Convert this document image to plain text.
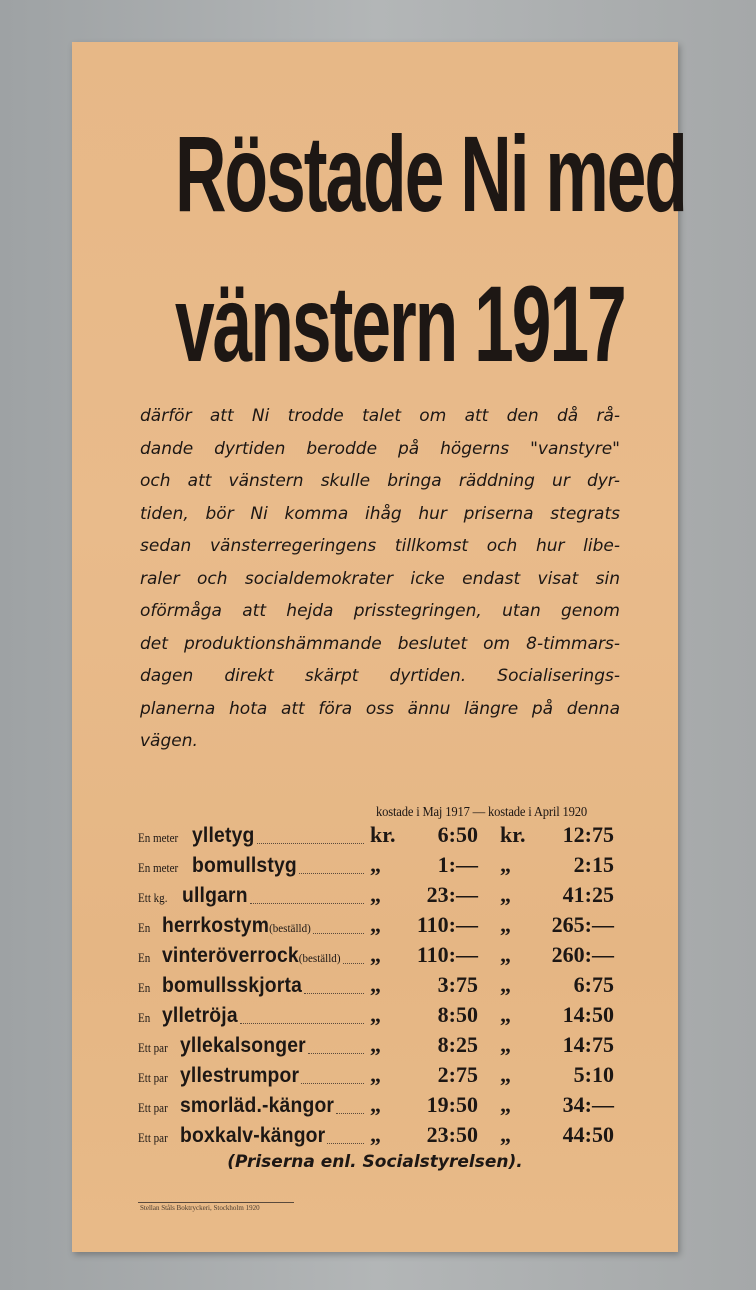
Röstade Ni med
vänstern 1917
därför att Ni trodde talet om att den då rå-
dande dyrtiden berodde på högerns "vanstyre"
och att vänstern skulle bringa räddning ur dyr-
tiden, bör Ni komma ihåg hur priserna stegrats
sedan vänsterregeringens tillkomst och hur libe-
raler och socialdemokrater icke endast visat sin
oförmåga att hejda prisstegringen, utan genom
det produktionshämmande beslutet om 8-timmars-
dagen direkt skärpt dyrtiden. Socialiserings-
planerna hota att föra oss ännu längre på denna
vägen.
kostade i Maj 1917 — kostade i April 1920
En meter ylletyg	kr.	6:50 kr.	12:75
En meter bomullstyg	„	1:— „	2:15
Ett kg. ullgarn	„	23:— „	41:25
En herrkostym(beställd)	„	110:— „	265:—
En vinteröverrock(beställd) „	110:— „	260:—
En bomullsskjorta	„	3:75 „	6:75
En ylletröja	„	8:50 „	14:50
Ett par yllekalsonger	„	8:25 „	14:75
Ett par yllestrumpor	„	2:75 „	5:10
Ett par smorläd.-kängor „	19:50 „	34:—
Ett par boxkalv-kängor „	23:50 „	44:50
(Priserna enl. Socialstyrelsen).
Stellan Ståls Boktryckeri, Stockholm 1920
